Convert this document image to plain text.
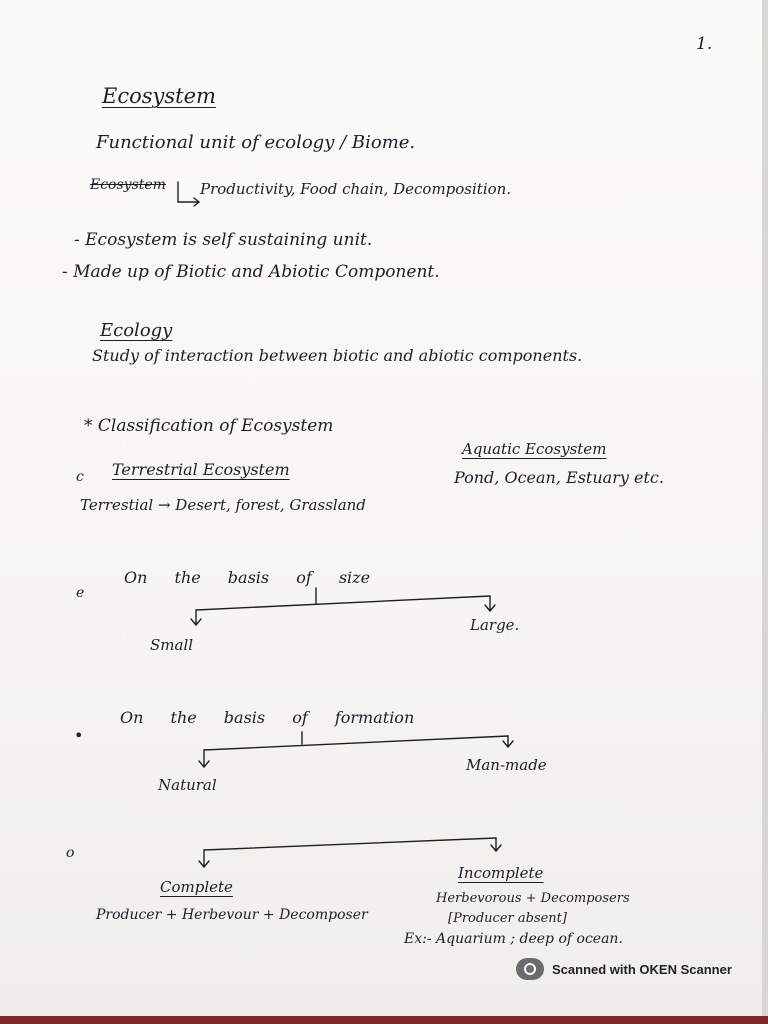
1.
Ecosystem
Functional unit of ecology / Biome.
Ecosystem Productivity, Food chain, Decomposition.
- Ecosystem is self sustaining unit.
- Made up of Biotic and Abiotic Component.
Ecology
Study of interaction between biotic and abiotic components.
* Classification of Ecosystem
c Terrestrial Ecosystem
Terrestial → Desert, forest, Grassland
Aquatic Ecosystem
Pond, Ocean, Estuary etc.
e
On the basis of size
Small
Large.
•
On the basis of formation
Natural
Man-made
o
Complete
Producer + Herbevour + Decomposer
Incomplete
Herbevorous + Decomposers
[Producer absent]
Ex:- Aquarium ; deep of ocean.
Scanned with OKEN Scanner
